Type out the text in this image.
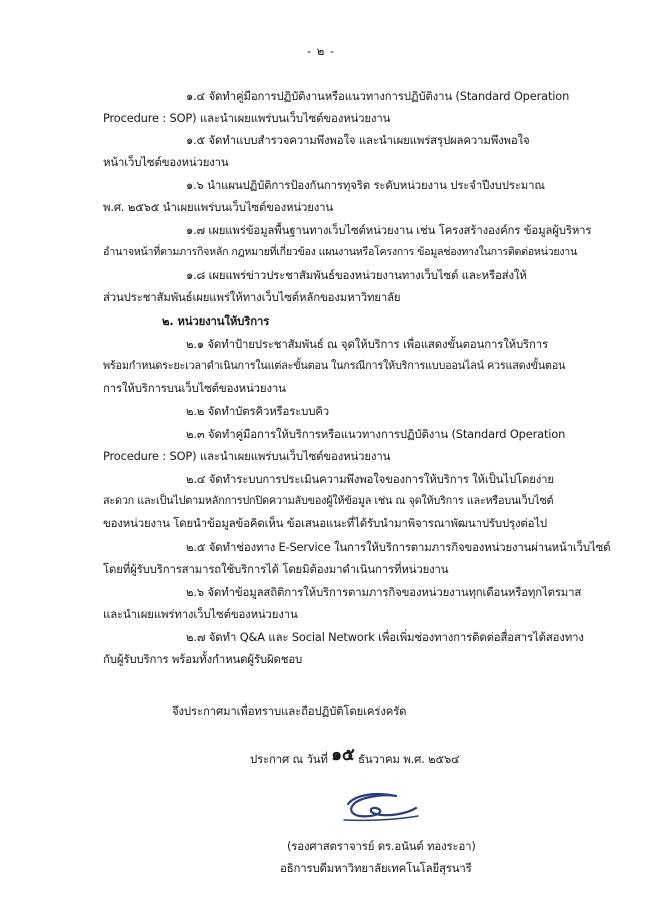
- ๒ -
๑.๔ จัดทำคู่มือการปฏิบัติงานหรือแนวทางการปฏิบัติงาน (Standard Operation
Procedure : SOP) และนำเผยแพร่บนเว็บไซต์ของหน่วยงาน
๑.๕ จัดทำแบบสำรวจความพึงพอใจ และนำเผยแพร่สรุปผลความพึงพอใจ
หน้าเว็บไซต์ของหน่วยงาน
๑.๖ นำแผนปฏิบัติการป้องกันการทุจริต ระดับหน่วยงาน ประจำปีงบประมาณ
พ.ศ. ๒๕๖๕ นำเผยแพร่บนเว็บไซต์ของหน่วยงาน
๑.๗ เผยแพร่ข้อมูลพื้นฐานทางเว็บไซต์หน่วยงาน เช่น โครงสร้างองค์กร ข้อมูลผู้บริหาร
อำนาจหน้าที่ตามภารกิจหลัก กฎหมายที่เกี่ยวข้อง แผนงานหรือโครงการ ข้อมูลช่องทางในการติดต่อหน่วยงาน
๑.๘ เผยแพร่ข่าวประชาสัมพันธ์ของหน่วยงานทางเว็บไซต์ และหรือส่งให้
ส่วนประชาสัมพันธ์เผยแพร่ให้ทางเว็บไซต์หลักของมหาวิทยาลัย
๒. หน่วยงานให้บริการ
๒.๑ จัดทำป้ายประชาสัมพันธ์ ณ จุดให้บริการ เพื่อแสดงขั้นตอนการให้บริการ
พร้อมกำหนดระยะเวลาดำเนินการในแต่ละขั้นตอน ในกรณีการให้บริการแบบออนไลน์ ควรแสดงขั้นตอน
การให้บริการบนเว็บไซต์ของหน่วยงาน
๒.๒ จัดทำบัตรคิวหรือระบบคิว
๒.๓ จัดทำคู่มือการให้บริการหรือแนวทางการปฏิบัติงาน (Standard Operation
Procedure : SOP) และนำเผยแพร่บนเว็บไซต์ของหน่วยงาน
๒.๔ จัดทำระบบการประเมินความพึงพอใจของการให้บริการ ให้เป็นไปโดยง่าย
สะดวก และเป็นไปตามหลักการปกปิดความลับของผู้ให้ข้อมูล เช่น ณ จุดให้บริการ และหรือบนเว็บไซต์
ของหน่วยงาน โดยนำข้อมูลข้อคิดเห็น ข้อเสนอแนะที่ได้รับนำมาพิจารณาพัฒนาปรับปรุงต่อไป
๒.๕ จัดทำช่องทาง E-Service ในการให้บริการตามภารกิจของหน่วยงานผ่านหน้าเว็บไซต์
โดยที่ผู้รับบริการสามารถใช้บริการได้ โดยมิต้องมาดำเนินการที่หน่วยงาน
๒.๖ จัดทำข้อมูลสถิติการให้บริการตามภารกิจของหน่วยงานทุกเดือนหรือทุกไตรมาส
และนำเผยแพร่ทางเว็บไซต์ของหน่วยงาน
๒.๗ จัดทำ Q&A และ Social Network เพื่อเพิ่มช่องทางการติดต่อสื่อสารได้สองทาง
กับผู้รับบริการ พร้อมทั้งกำหนดผู้รับผิดชอบ
จึงประกาศมาเพื่อทราบและถือปฏิบัติโดยเคร่งครัด
ประกาศ ณ วันที่ ๑๕ ธันวาคม พ.ศ. ๒๕๖๔
(รองศาสตราจารย์ ดร.อนันต์ ทองระอา)
อธิการบดีมหาวิทยาลัยเทคโนโลยีสุรนารี
